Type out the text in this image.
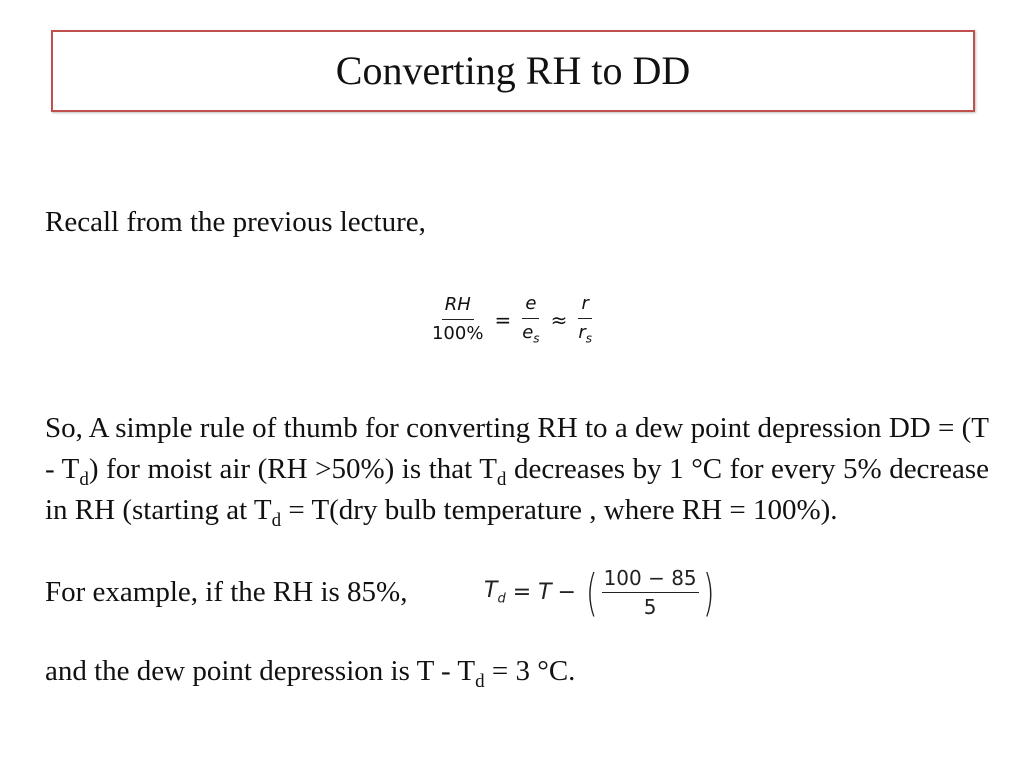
Converting RH to DD

Recall from the previous lecture,

$\frac{RH}{100\%} = \frac{e}{e_s} \approx \frac{r}{r_s}$

So, A simple rule of thumb for converting RH to a dew point depression DD = $(T - T_d)$ for moist air (RH >50%) is that $T_d$ decreases by 1 °C for every 5% decrease in RH (starting at $T_d = T(dry$ bulb temperature , where RH = 100%).

For example, if the RH is 85%,	$T_d = T$ − ( $\frac{100 - 85}{5}$ )

and the dew point depression is $T - T_d = 3$ °C.
